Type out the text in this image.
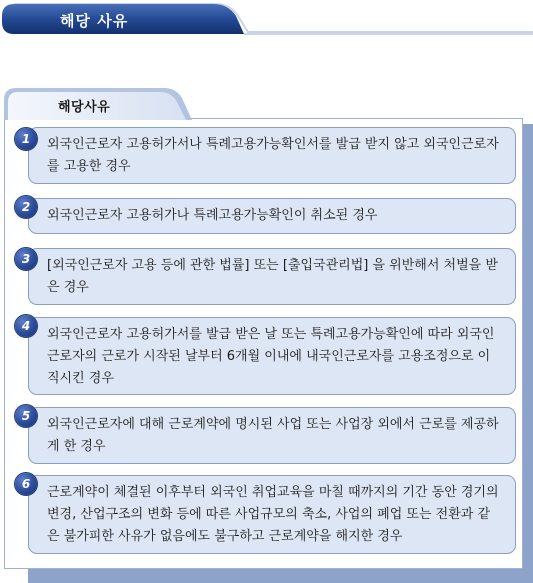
해당 사유
해당사유
외국인근로자 고용허가서나 특례고용가능확인서를 발급 받지 않고 외국인근로자를 고용한 경우
1
외국인근로자 고용허가나 특례고용가능확인이 취소된 경우
2
[외국인근로자 고용 등에 관한 법률] 또는 [출입국관리법] 을 위반해서 처벌을 받은 경우
3
외국인근로자 고용허가서를 발급 받은 날 또는 특례고용가능확인에 따라 외국인근로자의 근로가 시작된 날부터 6개월 이내에 내국인근로자를 고용조정으로 이직시킨 경우
4
외국인근로자에 대해 근로계약에 명시된 사업 또는 사업장 외에서 근로를 제공하게 한 경우
5
근로계약이 체결된 이후부터 외국인 취업교육을 마칠 때까지의 기간 동안 경기의 변경, 산업구조의 변화 등에 따른 사업규모의 축소, 사업의 폐업 또는 전환과 같은 불가피한 사유가 없음에도 불구하고 근로계약을 해지한 경우
6
